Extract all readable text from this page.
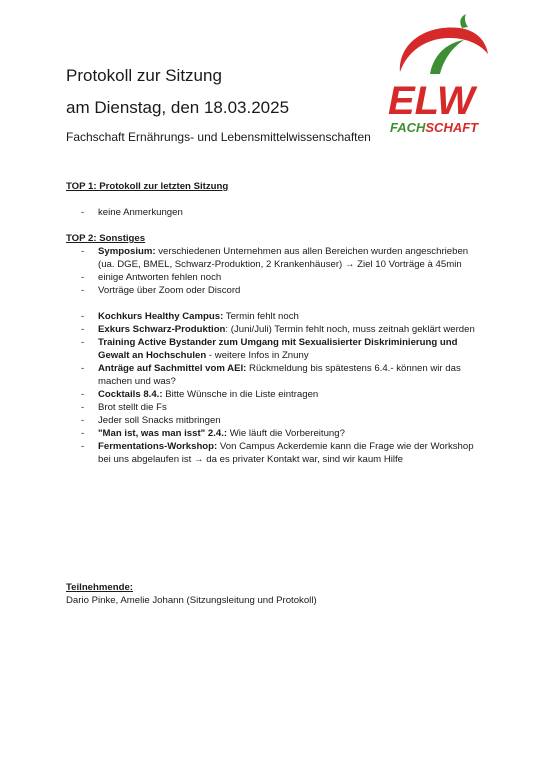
Protokoll zur Sitzung
am Dienstag, den 18.03.2025
Fachschaft Ernährungs- und Lebensmittelwissenschaften
ELW
FACHSCHAFT
TOP 1: Protokoll zur letzten Sitzung
- keine Anmerkungen
TOP 2: Sonstiges
- Symposium: verschiedenen Unternehmen aus allen Bereichen wurden angeschrieben (ua. DGE, BMEL, Schwarz-Produktion, 2 Krankenhäuser) → Ziel 10 Vorträge à 45min
- einige Antworten fehlen noch
- Vorträge über Zoom oder Discord
- Kochkurs Healthy Campus: Termin fehlt noch
- Exkurs Schwarz-Produktion: (Juni/Juli) Termin fehlt noch, muss zeitnah geklärt werden
- Training Active Bystander zum Umgang mit Sexualisierter Diskriminierung und Gewalt an Hochschulen - weitere Infos in Znuny
- Anträge auf Sachmittel vom AEI: Rückmeldung bis spätestens 6.4.- können wir das machen und was?
- Cocktails 8.4.: Bitte Wünsche in die Liste eintragen
- Brot stellt die Fs
- Jeder soll Snacks mitbringen
- "Man ist, was man isst" 2.4.: Wie läuft die Vorbereitung?
- Fermentations-Workshop: Von Campus Ackerdemie kann die Frage wie der Workshop bei uns abgelaufen ist → da es privater Kontakt war, sind wir kaum Hilfe
Teilnehmende:
Dario Pinke, Amelie Johann (Sitzungsleitung und Protokoll)
